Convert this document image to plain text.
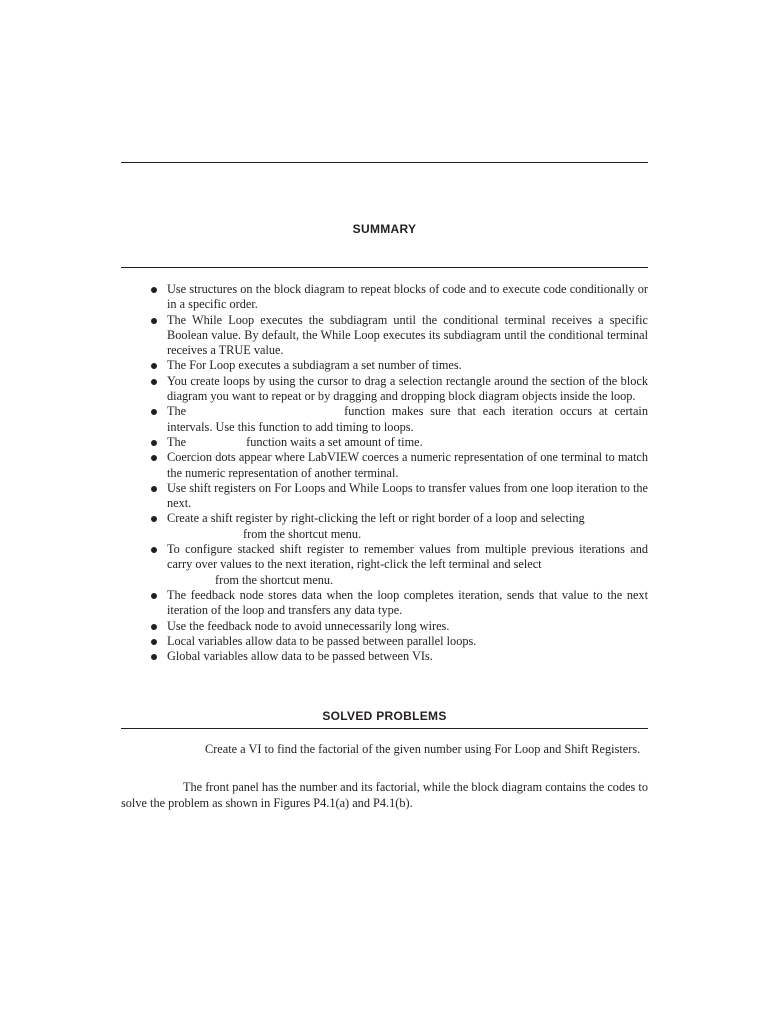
SUMMARY
Use structures on the block diagram to repeat blocks of code and to execute code conditionally or in a specific order.
The While Loop executes the subdiagram until the conditional terminal receives a specific Boolean value. By default, the While Loop executes its subdiagram until the conditional terminal receives a TRUE value.
The For Loop executes a subdiagram a set number of times.
You create loops by using the cursor to drag a selection rectangle around the section of the block diagram you want to repeat or by dragging and dropping block diagram objects inside the loop.
The	function makes sure that each iteration occurs at certain intervals. Use this function to add timing to loops.
The	function waits a set amount of time.
Coercion dots appear where LabVIEW coerces a numeric representation of one terminal to match the numeric representation of another terminal.
Use shift registers on For Loops and While Loops to transfer values from one loop iteration to the next.
Create a shift register by right-clicking the left or right border of a loop and selecting
from the shortcut menu.
To configure stacked shift register to remember values from multiple previous iterations and carry over values to the next iteration, right-click the left terminal and select
from the shortcut menu.
The feedback node stores data when the loop completes iteration, sends that value to the next iteration of the loop and transfers any data type.
Use the feedback node to avoid unnecessarily long wires.
Local variables allow data to be passed between parallel loops.
Global variables allow data to be passed between VIs.
SOLVED PROBLEMS

Create a VI to find the factorial of the given number using For Loop and Shift Registers.

The front panel has the number and its factorial, while the block diagram contains the codes to solve the problem as shown in Figures P4.1(a) and P4.1(b).
